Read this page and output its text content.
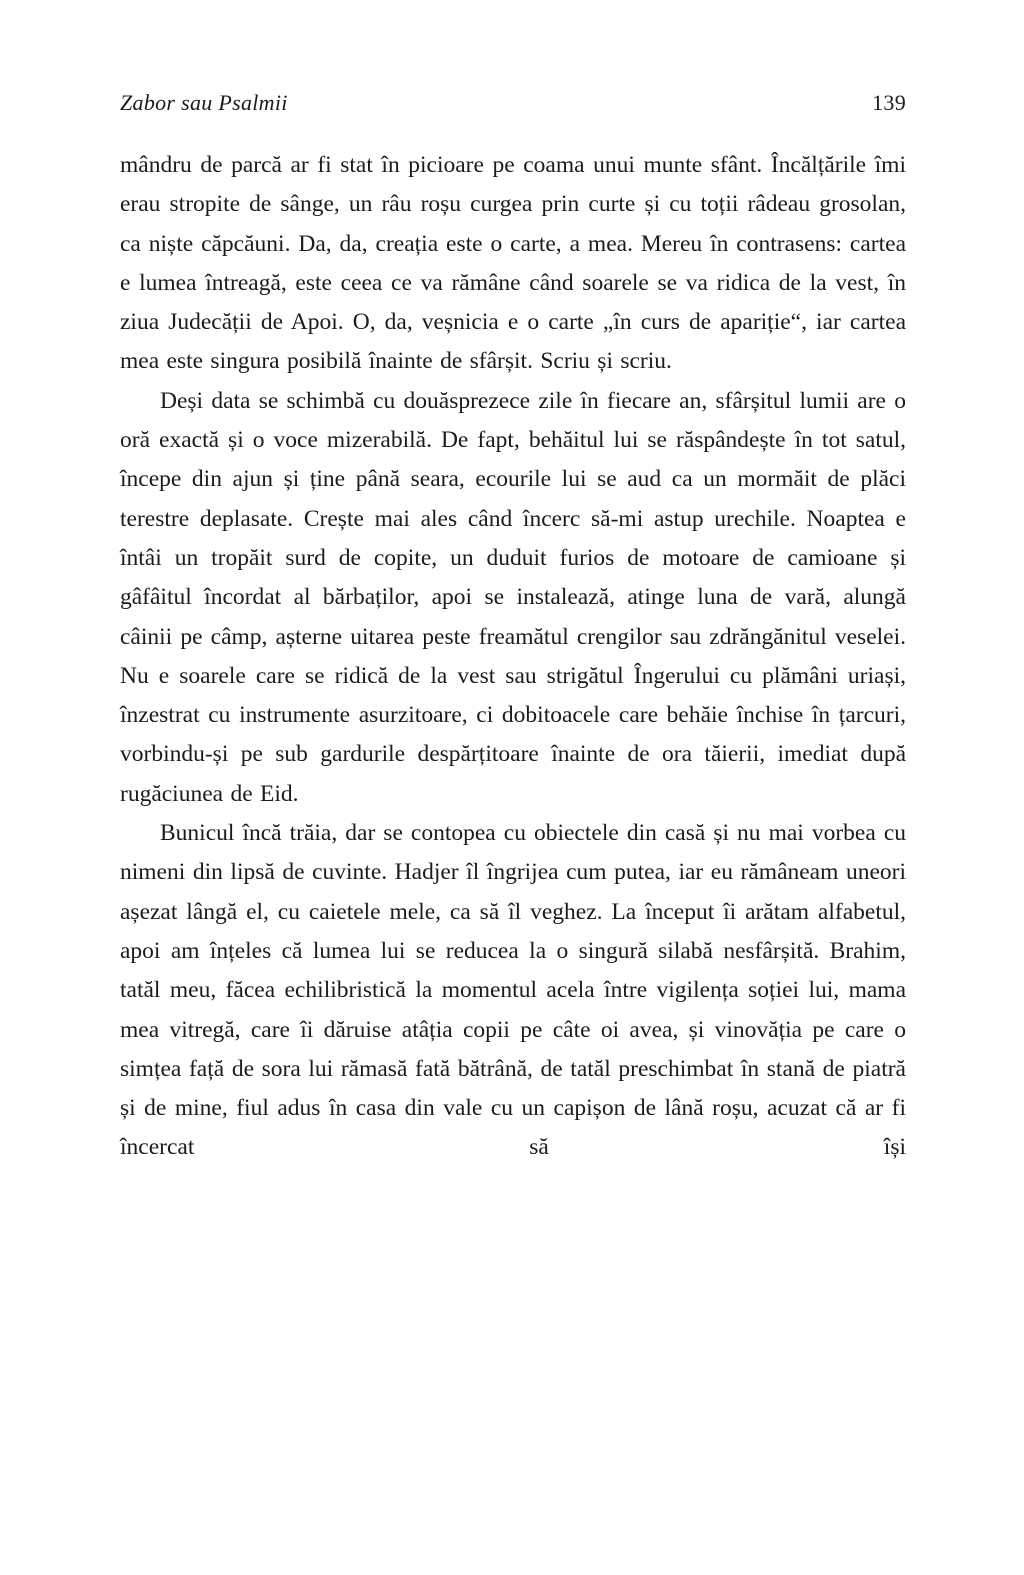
Zabor sau Psalmii	139

mândru de parcă ar fi stat în picioare pe coama unui munte sfânt. Încălțările îmi erau stropite de sânge, un râu roșu curgea prin curte și cu toții râdeau grosolan, ca niște căpcăuni. Da, da, creația este o carte, a mea. Mereu în contrasens: cartea e lumea întreagă, este ceea ce va rămâne când soarele se va ridica de la vest, în ziua Judecății de Apoi. O, da, veșnicia e o carte „în curs de apariție“, iar cartea mea este singura posibilă înainte de sfârșit. Scriu și scriu.

Deși data se schimbă cu douăsprezece zile în fiecare an, sfârșitul lumii are o oră exactă și o voce mizerabilă. De fapt, behăitul lui se răspândește în tot satul, începe din ajun și ține până seara, ecourile lui se aud ca un mormăit de plăci terestre deplasate. Crește mai ales când încerc să-mi astup urechile. Noaptea e întâi un tropăit surd de copite, un duduit furios de motoare de camioane și gâfâitul încordat al bărbaților, apoi se instalează, atinge luna de vară, alungă câinii pe câmp, așterne uitarea peste freamătul crengilor sau zdrăngănitul veselei. Nu e soarele care se ridică de la vest sau strigătul Îngerului cu plămâni uriași, înzestrat cu instrumente asurzitoare, ci dobitoacele care behăie închise în țarcuri, vorbindu-și pe sub gardurile despărțitoare înainte de ora tăierii, imediat după rugăciunea de Eid.

Bunicul încă trăia, dar se contopea cu obiectele din casă și nu mai vorbea cu nimeni din lipsă de cuvinte. Hadjer îl îngrijea cum putea, iar eu rămâneam uneori așezat lângă el, cu caietele mele, ca să îl veghez. La început îi arătam alfabetul, apoi am înțeles că lumea lui se reducea la o singură silabă nesfârșită. Brahim, tatăl meu, făcea echilibristică la momentul acela între vigilența soției lui, mama mea vitregă, care îi dăruise atâția copii pe câte oi avea, și vinovăția pe care o simțea față de sora lui rămasă fată bătrână, de tatăl preschimbat în stană de piatră și de mine, fiul adus în casa din vale cu un capișon de lână roșu, acuzat că ar fi încercat să își
